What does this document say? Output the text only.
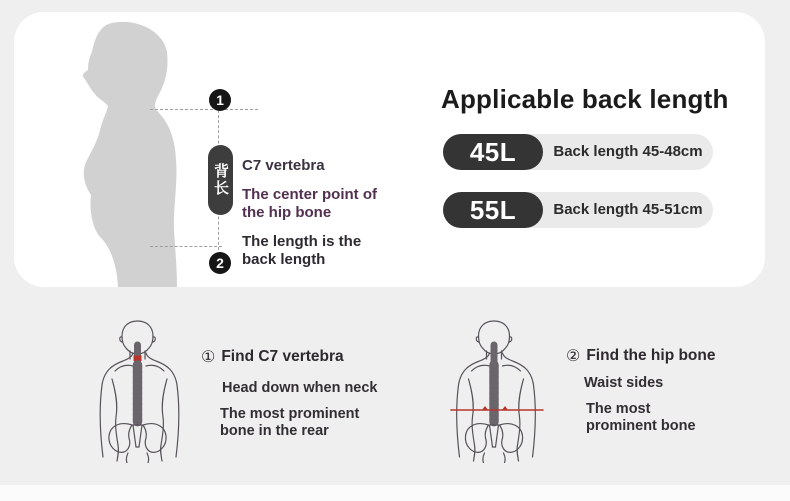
1
2
背长 C7 vertebra
The center point of
the hip bone
The length is the
back length
Applicable back length
45L	Back length 45-48cm
55L	Back length 45-51cm
① Find C7 vertebra
Head down when neck
The most prominent
bone in the rear
② Find the hip bone
Waist sides
The most
prominent bone
